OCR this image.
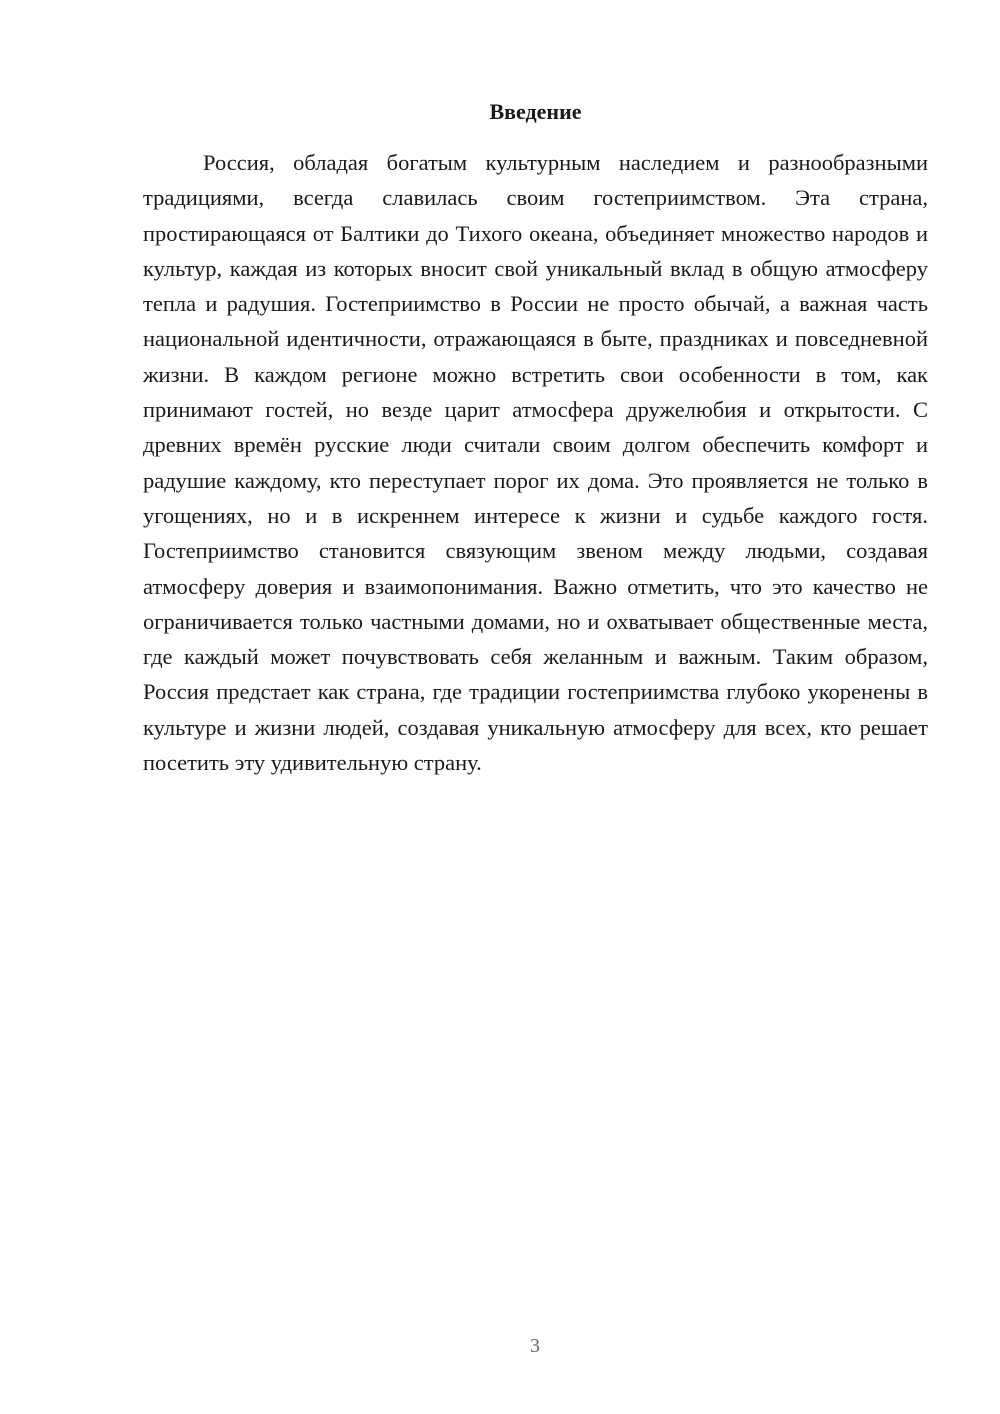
Введение

Россия, обладая богатым культурным наследием и разнообразными традициями, всегда славилась своим гостеприимством. Эта страна, простирающаяся от Балтики до Тихого океана, объединяет множество народов и культур, каждая из которых вносит свой уникальный вклад в общую атмосферу тепла и радушия. Гостеприимство в России не просто обычай, а важная часть национальной идентичности, отражающаяся в быте, праздниках и повседневной жизни. В каждом регионе можно встретить свои особенности в том, как принимают гостей, но везде царит атмосфера дружелюбия и открытости. С древних времён русские люди считали своим долгом обеспечить комфорт и радушие каждому, кто переступает порог их дома. Это проявляется не только в угощениях, но и в искреннем интересе к жизни и судьбе каждого гостя. Гостеприимство становится связующим звеном между людьми, создавая атмосферу доверия и взаимопонимания. Важно отметить, что это качество не ограничивается только частными домами, но и охватывает общественные места, где каждый может почувствовать себя желанным и важным. Таким образом, Россия предстает как страна, где традиции гостеприимства глубоко укоренены в культуре и жизни людей, создавая уникальную атмосферу для всех, кто решает посетить эту удивительную страну.

3
